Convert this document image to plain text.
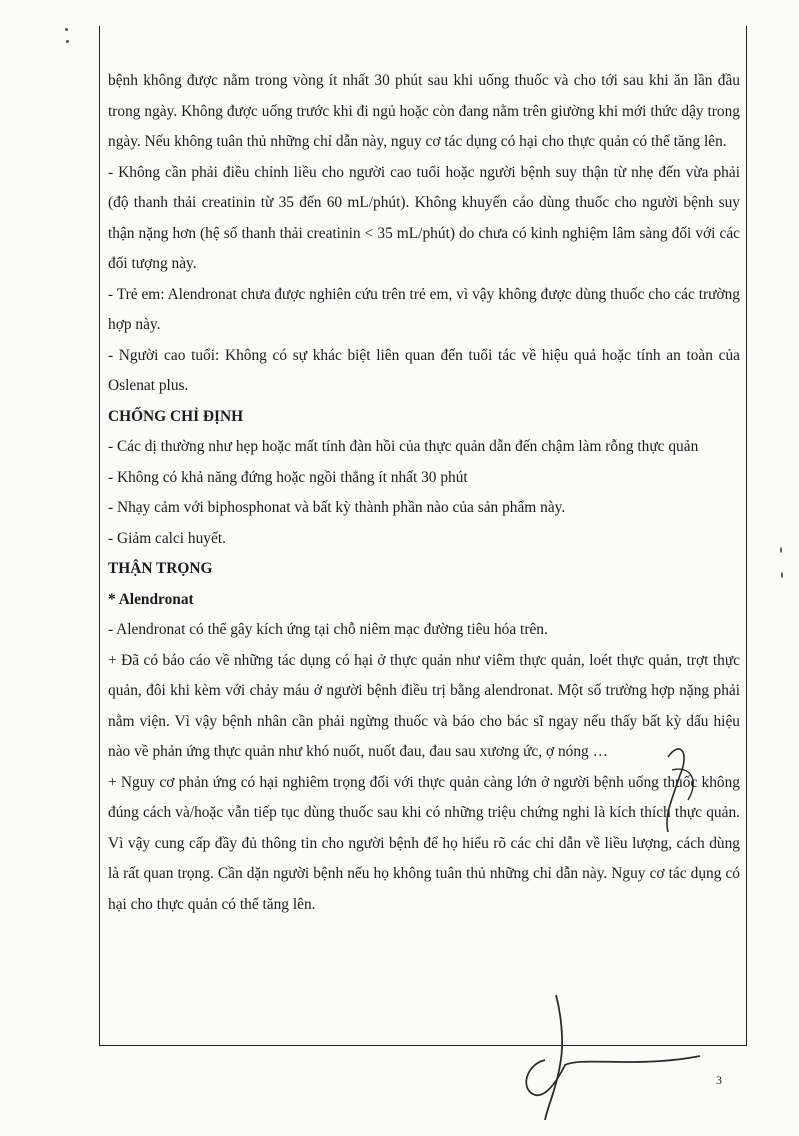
bệnh không được nằm trong vòng ít nhất 30 phút sau khi uống thuốc và cho tới sau khi ăn lần đầu trong ngày. Không được uống trước khi đi ngủ hoặc còn đang nằm trên giường khi mới thức dậy trong ngày. Nếu không tuân thủ những chỉ dẫn này, nguy cơ tác dụng có hại cho thực quản có thể tăng lên.

- Không cần phải điều chỉnh liều cho người cao tuổi hoặc người bệnh suy thận từ nhẹ đến vừa phải (độ thanh thải creatinin từ 35 đến 60 mL/phút). Không khuyến cáo dùng thuốc cho người bệnh suy thận nặng hơn (hệ số thanh thải creatinin < 35 mL/phút) do chưa có kinh nghiệm lâm sàng đối với các đối tượng này.

- Trẻ em: Alendronat chưa được nghiên cứu trên trẻ em, vì vậy không được dùng thuốc cho các trường hợp này.

- Người cao tuổi: Không có sự khác biệt liên quan đến tuổi tác về hiệu quả hoặc tính an toàn của Oslenat plus.

CHỐNG CHỈ ĐỊNH

- Các dị thường như hẹp hoặc mất tính đàn hồi của thực quản dẫn đến chậm làm rỗng thực quản

- Không có khả năng đứng hoặc ngồi thẳng ít nhất 30 phút

- Nhạy cảm với biphosphonat và bất kỳ thành phần nào của sản phẩm này.

- Giảm calci huyết.

THẬN TRỌNG

* Alendronat

- Alendronat có thể gây kích ứng tại chỗ niêm mạc đường tiêu hóa trên.

+ Đã có báo cáo về những tác dụng có hại ở thực quản như viêm thực quản, loét thực quản, trợt thực quản, đôi khi kèm với chảy máu ở người bệnh điều trị bằng alendronat. Một số trường hợp nặng phải nằm viện. Vì vậy bệnh nhân cần phải ngừng thuốc và báo cho bác sĩ ngay nếu thấy bất kỳ dấu hiệu nào về phản ứng thực quản như khó nuốt, nuốt đau, đau sau xương ức, ợ nóng …

+ Nguy cơ phản ứng có hại nghiêm trọng đối với thực quản càng lớn ở người bệnh uống thuốc không đúng cách và/hoặc vẫn tiếp tục dùng thuốc sau khi có những triệu chứng nghi là kích thích thực quản. Vì vậy cung cấp đầy đủ thông tin cho người bệnh để họ hiểu rõ các chỉ dẫn về liều lượng, cách dùng là rất quan trọng. Cần dặn người bệnh nếu họ không tuân thủ những chỉ dẫn này. Nguy cơ tác dụng có hại cho thực quản có thể tăng lên.

3
